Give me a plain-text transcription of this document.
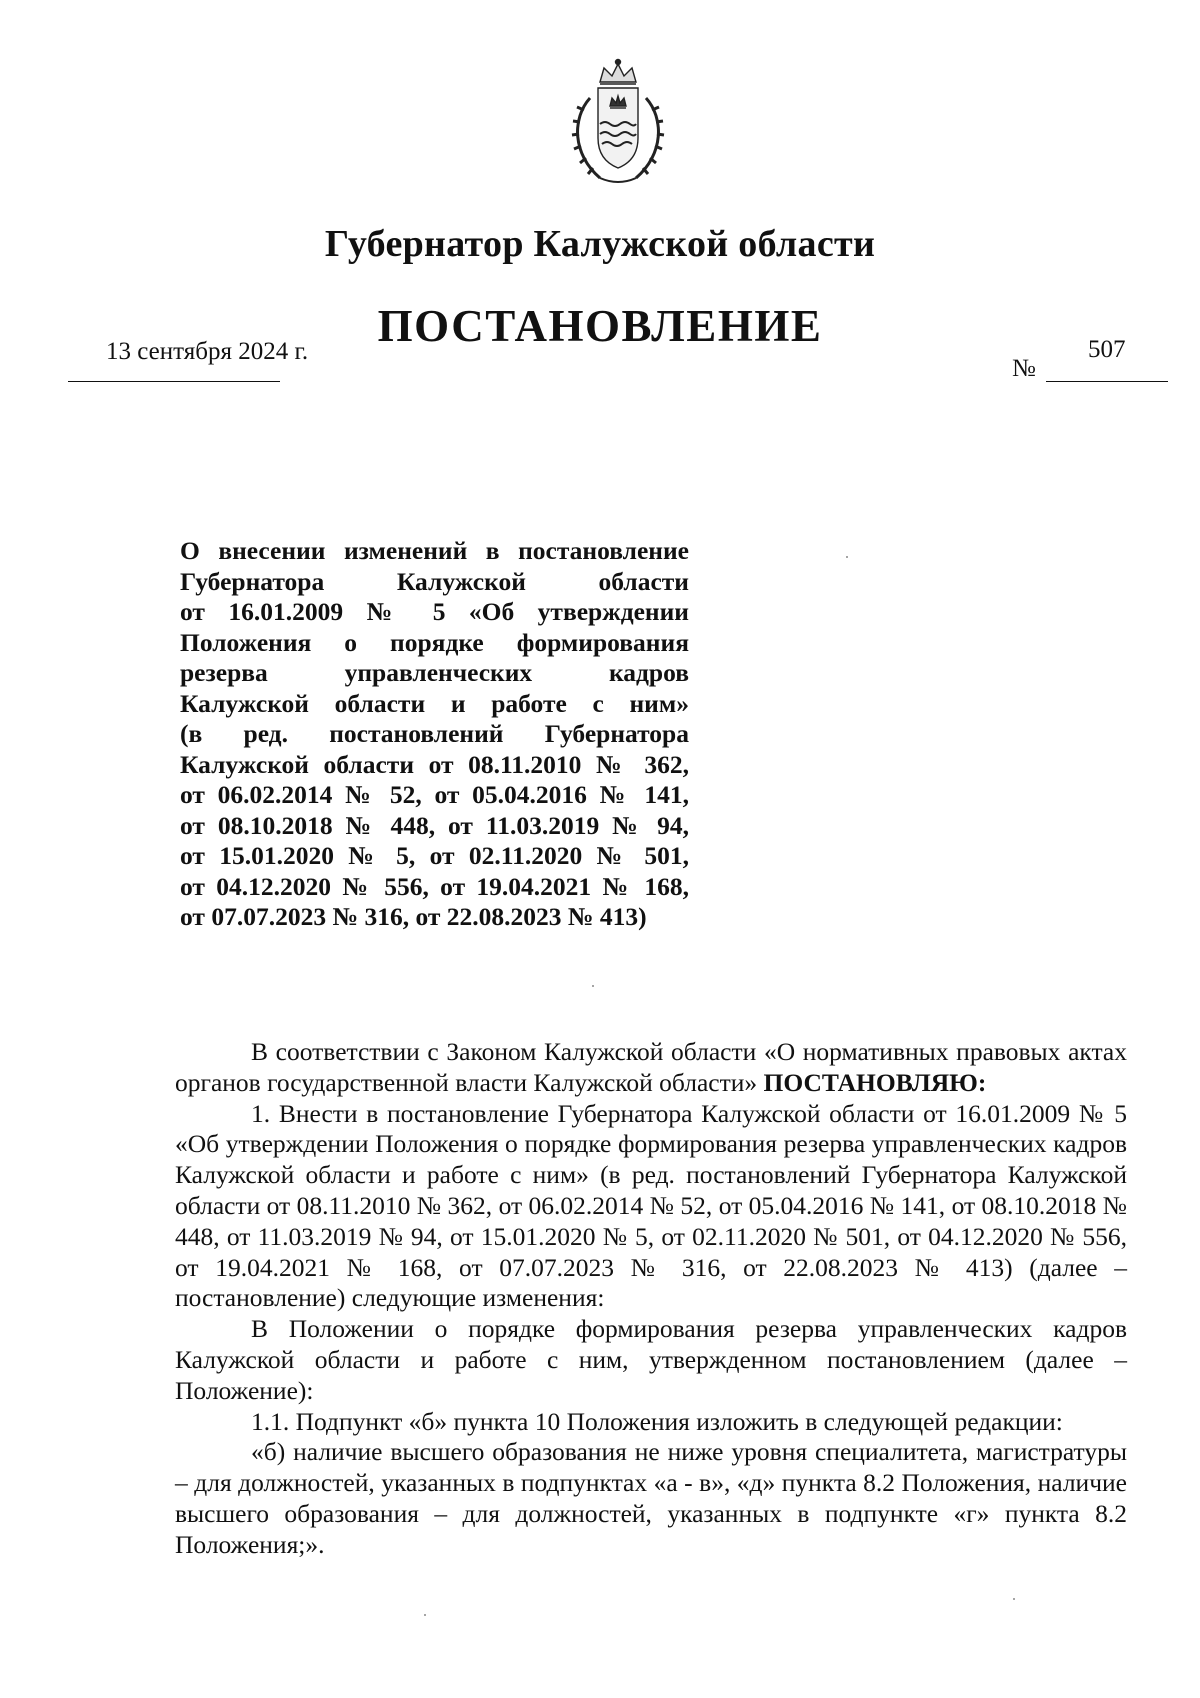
Губернатор Калужской области
ПОСТАНОВЛЕНИЕ
13 сентября 2024 г.
№
507

О внесении изменений в постановление
Губернатора Калужской области
от 16.01.2009 № 5 «Об утверждении
Положения о порядке формирования
резерва управленческих кадров
Калужской области и работе с ним»
(в ред. постановлений Губернатора
Калужской области от 08.11.2010 № 362,
от 06.02.2014 № 52, от 05.04.2016 № 141,
от 08.10.2018 № 448, от 11.03.2019 № 94,
от 15.01.2020 № 5, от 02.11.2020 № 501,
от 04.12.2020 № 556, от 19.04.2021 № 168,
от 07.07.2023 № 316, от 22.08.2023 № 413)

В соответствии с Законом Калужской области «О нормативных правовых актах органов государственной власти Калужской области» ПОСТАНОВЛЯЮ:

1. Внести в постановление Губернатора Калужской области от 16.01.2009 № 5 «Об утверждении Положения о порядке формирования резерва управленческих кадров Калужской области и работе с ним» (в ред. постановлений Губернатора Калужской области от 08.11.2010 № 362, от 06.02.2014 № 52, от 05.04.2016 № 141, от 08.10.2018 № 448, от 11.03.2019 № 94, от 15.01.2020 № 5, от 02.11.2020 № 501, от 04.12.2020 № 556, от 19.04.2021 № 168, от 07.07.2023 № 316, от 22.08.2023 № 413) (далее – постановление) следующие изменения:

В Положении о порядке формирования резерва управленческих кадров Калужской области и работе с ним, утвержденном постановлением (далее – Положение):

1.1. Подпункт «б» пункта 10 Положения изложить в следующей редакции:

«б) наличие высшего образования не ниже уровня специалитета, магистратуры – для должностей, указанных в подпунктах «а - в», «д» пункта 8.2 Положения, наличие высшего образования – для должностей, указанных в подпункте «г» пункта 8.2 Положения;».
